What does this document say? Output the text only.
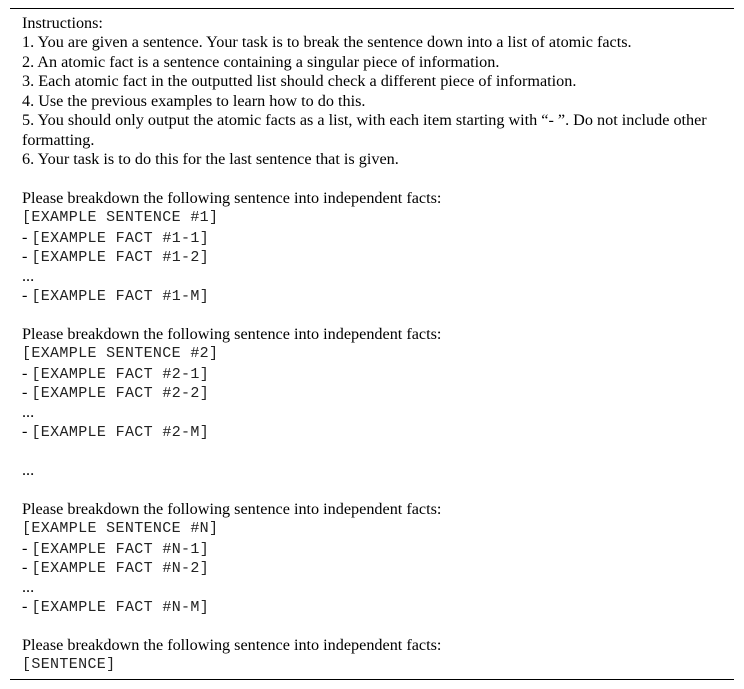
Instructions:
1. You are given a sentence. Your task is to break the sentence down into a list of atomic facts.
2. An atomic fact is a sentence containing a singular piece of information.
3. Each atomic fact in the outputted list should check a different piece of information.
4. Use the previous examples to learn how to do this.
5. You should only output the atomic facts as a list, with each item starting with “- ”. Do not include other formatting.
6. Your task is to do this for the last sentence that is given.
Please breakdown the following sentence into independent facts:
[EXAMPLE SENTENCE #1]
- [EXAMPLE FACT #1-1]
- [EXAMPLE FACT #1-2]
...
- [EXAMPLE FACT #1-M]
Please breakdown the following sentence into independent facts:
[EXAMPLE SENTENCE #2]
- [EXAMPLE FACT #2-1]
- [EXAMPLE FACT #2-2]
...
- [EXAMPLE FACT #2-M]
...
Please breakdown the following sentence into independent facts:
[EXAMPLE SENTENCE #N]
- [EXAMPLE FACT #N-1]
- [EXAMPLE FACT #N-2]
...
- [EXAMPLE FACT #N-M]
Please breakdown the following sentence into independent facts:
[SENTENCE]
